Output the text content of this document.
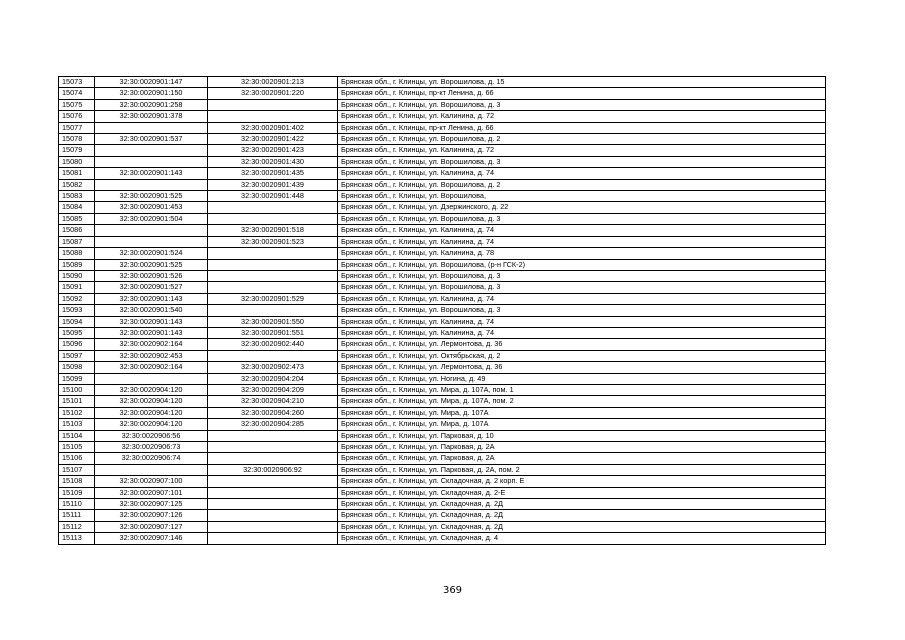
15073	32:30:0020901:147	32:30:0020901:213	Брянская обл., г. Клинцы, ул. Ворошилова, д. 15
15074	32:30:0020901:150	32:30:0020901:220	Брянская обл., г. Клинцы, пр-кт Ленина, д. 66
15075	32:30:0020901:258		Брянская обл., г. Клинцы, ул. Ворошилова, д. 3
15076	32:30:0020901:378		Брянская обл., г. Клинцы, ул. Калинина, д. 72
15077		32:30:0020901:402	Брянская обл., г. Клинцы, пр-кт Ленина, д. 66
15078	32:30:0020901:537	32:30:0020901:422	Брянская обл., г. Клинцы, ул. Ворошилова, д. 2
15079		32:30:0020901:423	Брянская обл., г. Клинцы, ул. Калинина, д. 72
15080		32:30:0020901:430	Брянская обл., г. Клинцы, ул. Ворошилова, д. 3
15081	32:30:0020901:143	32:30:0020901:435	Брянская обл., г. Клинцы, ул. Калинина, д. 74
15082		32:30:0020901:439	Брянская обл., г. Клинцы, ул. Ворошилова, д. 2
15083	32:30:0020901:525	32:30:0020901:448	Брянская обл., г. Клинцы, ул. Ворошилова,
15084	32:30:0020901:453		Брянская обл., г. Клинцы, ул. Дзержинского, д. 22
15085	32:30:0020901:504		Брянская обл., г. Клинцы, ул. Ворошилова, д. 3
15086		32:30:0020901:518	Брянская обл., г. Клинцы, ул. Калинина, д. 74
15087		32:30:0020901:523	Брянская обл., г. Клинцы, ул. Калинина, д. 74
15088	32:30:0020901:524		Брянская обл., г. Клинцы, ул. Калинина, д. 78
15089	32:30:0020901:525		Брянская обл., г. Клинцы, ул. Ворошилова, (р-н ГСК-2)
15090	32:30:0020901:526		Брянская обл., г. Клинцы, ул. Ворошилова, д. 3
15091	32:30:0020901:527		Брянская обл., г. Клинцы, ул. Ворошилова, д. 3
15092	32:30:0020901:143	32:30:0020901:529	Брянская обл., г. Клинцы, ул. Калинина, д. 74
15093	32:30:0020901:540		Брянская обл., г. Клинцы, ул. Ворошилова, д. 3
15094	32:30:0020901:143	32:30:0020901:550	Брянская обл., г. Клинцы, ул. Калинина, д. 74
15095	32:30:0020901:143	32:30:0020901:551	Брянская обл., г. Клинцы, ул. Калинина, д. 74
15096	32:30:0020902:164	32:30:0020902:440	Брянская обл., г. Клинцы, ул. Лермонтова, д. 36
15097	32:30:0020902:453		Брянская обл., г. Клинцы, ул. Октябрьская, д. 2
15098	32:30:0020902:164	32:30:0020902:473	Брянская обл., г. Клинцы, ул. Лермонтова, д. 36
15099		32:30:0020904:204	Брянская обл., г. Клинцы, ул. Ногина, д. 49
15100	32:30:0020904:120	32:30:0020904:209	Брянская обл., г. Клинцы, ул. Мира, д. 107А, пом. 1
15101	32:30:0020904:120	32:30:0020904:210	Брянская обл., г. Клинцы, ул. Мира, д. 107А, пом. 2
15102	32:30:0020904:120	32:30:0020904:260	Брянская обл., г. Клинцы, ул. Мира, д. 107А
15103	32:30:0020904:120	32:30:0020904:285	Брянская обл., г. Клинцы, ул. Мира, д. 107А
15104	32:30:0020906:56		Брянская обл., г. Клинцы, ул. Парковая, д. 10
15105	32:30:0020906:73		Брянская обл., г. Клинцы, ул. Парковая, д. 2А
15106	32:30:0020906:74		Брянская обл., г. Клинцы, ул. Парковая, д. 2А
15107		32:30:0020906:92	Брянская обл., г. Клинцы, ул. Парковая, д. 2А, пом. 2
15108	32:30:0020907:100		Брянская обл., г. Клинцы, ул. Складочная, д. 2 корп. Е
15109	32:30:0020907:101		Брянская обл., г. Клинцы, ул. Складочная, д. 2-Е
15110	32:30:0020907:125		Брянская обл., г. Клинцы, ул. Складочная, д. 2Д
15111	32:30:0020907:126		Брянская обл., г. Клинцы, ул. Складочная, д. 2Д
15112	32:30:0020907:127		Брянская обл., г. Клинцы, ул. Складочная, д. 2Д
15113	32:30:0020907:146		Брянская обл., г. Клинцы, ул. Складочная, д. 4
369
